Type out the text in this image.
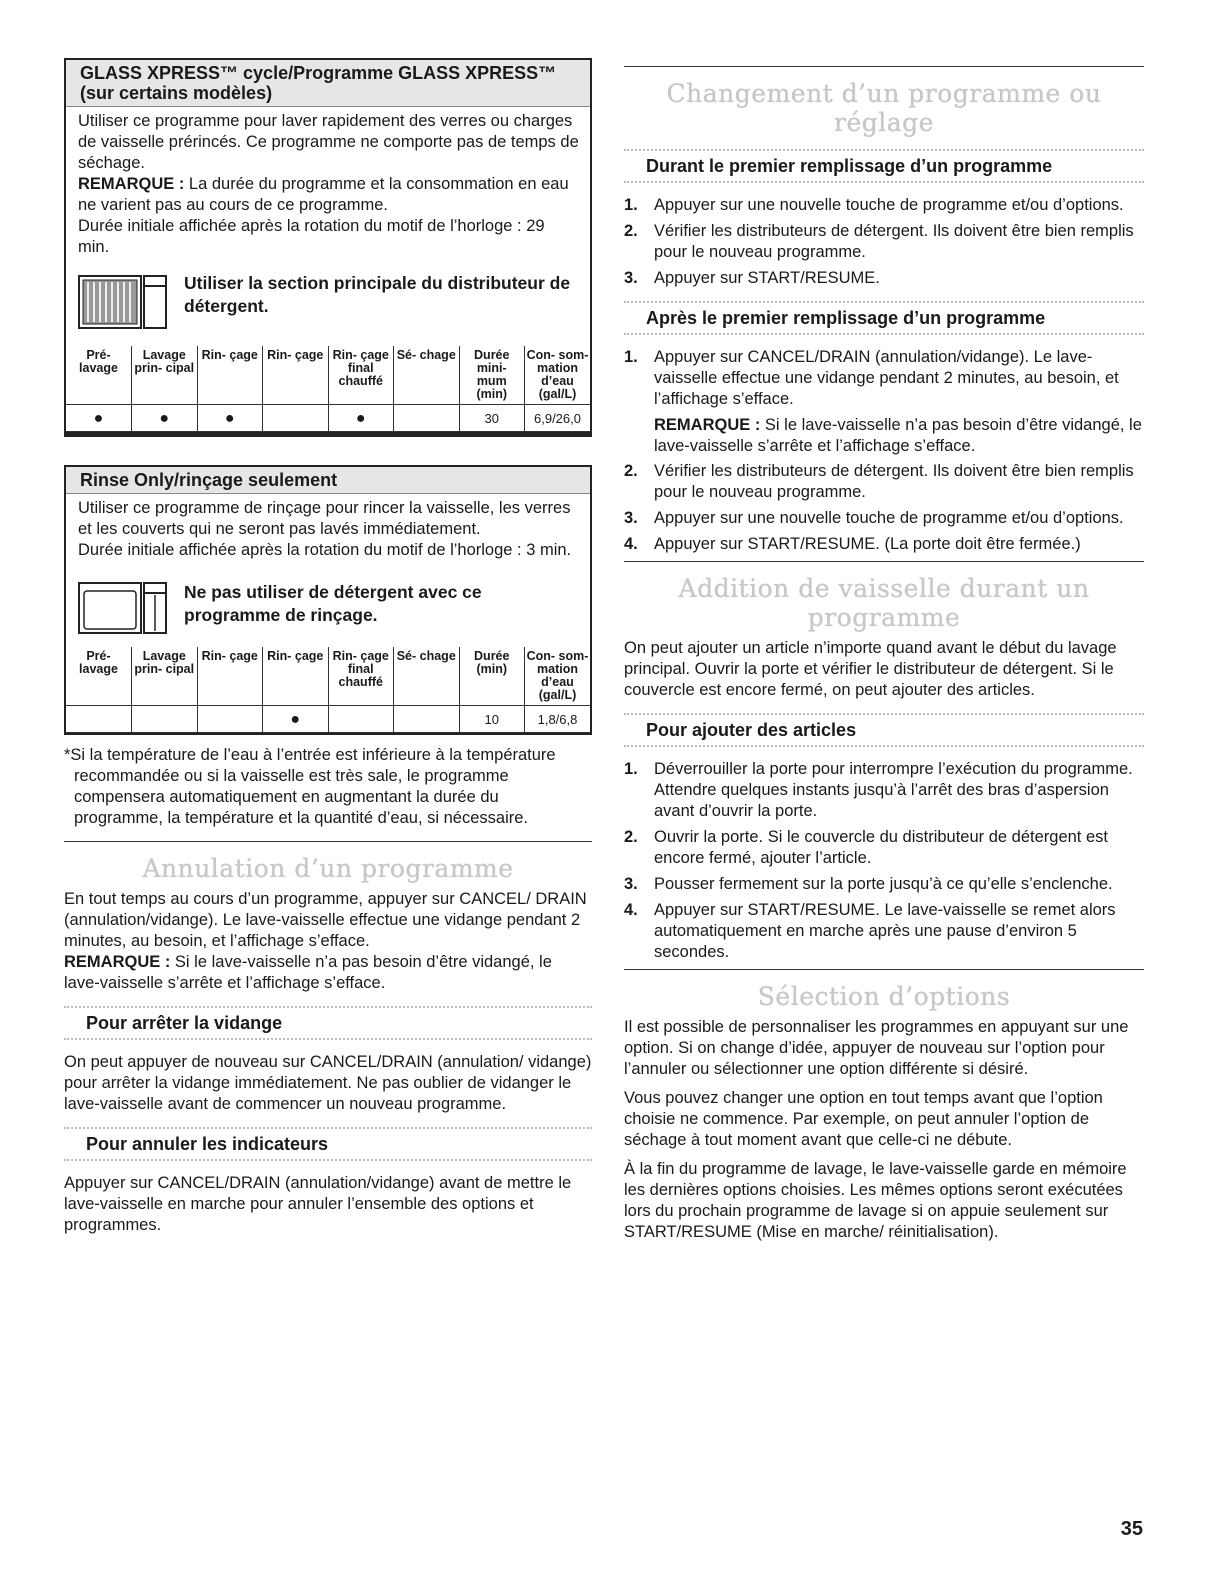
GLASS XPRESS™ cycle/Programme GLASS XPRESS™ (sur certains modèles)

Utiliser ce programme pour laver rapidement des verres ou charges de vaisselle prérincés. Ce programme ne comporte pas de temps de séchage.

REMARQUE : La durée du programme et la consommation en eau ne varient pas au cours de ce programme.

Durée initiale affichée après la rotation du motif de l’horloge : 29 min.

Utiliser la section principale du distributeur de détergent.
Pré- lavage	Lavage prin- cipal	Rin- çage	Rin- çage	Rin- çage final chauffé	Sé- chage	Durée mini- mum (min)	Con- som- mation d’eau (gal/L)
●	●	●		●		30	6,9/26,0
Rinse Only/rinçage seulement

Utiliser ce programme de rinçage pour rincer la vaisselle, les verres et les couverts qui ne seront pas lavés immédiatement.

Durée initiale affichée après la rotation du motif de l’horloge : 3 min.

Ne pas utiliser de détergent avec ce programme de rinçage.
Pré- lavage	Lavage prin- cipal	Rin- çage	Rin- çage	Rin- çage final chauffé	Sé- chage	Durée (min)	Con- som- mation d’eau (gal/L)
			●			10	1,8/6,8

*Si la température de l’eau à l’entrée est inférieure à la température recommandée ou si la vaisselle est très sale, le programme compensera automatiquement en augmentant la durée du programme, la température et la quantité d’eau, si nécessaire.

Annulation d’un programme

En tout temps au cours d’un programme, appuyer sur CANCEL/ DRAIN (annulation/vidange). Le lave-vaisselle effectue une vidange pendant 2 minutes, au besoin, et l’affichage s’efface.

REMARQUE : Si le lave-vaisselle n’a pas besoin d’être vidangé, le lave-vaisselle s’arrête et l’affichage s’efface.

Pour arrêter la vidange

On peut appuyer de nouveau sur CANCEL/DRAIN (annulation/ vidange) pour arrêter la vidange immédiatement. Ne pas oublier de vidanger le lave-vaisselle avant de commencer un nouveau programme.

Pour annuler les indicateurs

Appuyer sur CANCEL/DRAIN (annulation/vidange) avant de mettre le lave-vaisselle en marche pour annuler l’ensemble des options et programmes.

Changement d’un programme ou réglage
Durant le premier remplissage d’un programme
1. Appuyer sur une nouvelle touche de programme et/ou d’options.
2. Vérifier les distributeurs de détergent. Ils doivent être bien remplis pour le nouveau programme.
3. Appuyer sur START/RESUME.
Après le premier remplissage d’un programme
1. Appuyer sur CANCEL/DRAIN (annulation/vidange). Le lave-vaisselle effectue une vidange pendant 2 minutes, au besoin, et l’affichage s’efface.

REMARQUE : Si le lave-vaisselle n’a pas besoin d’être vidangé, le lave-vaisselle s’arrête et l’affichage s’efface.

2. Vérifier les distributeurs de détergent. Ils doivent être bien remplis pour le nouveau programme.
3. Appuyer sur une nouvelle touche de programme et/ou d’options.
4. Appuyer sur START/RESUME. (La porte doit être fermée.)
Addition de vaisselle durant un programme

On peut ajouter un article n’importe quand avant le début du lavage principal. Ouvrir la porte et vérifier le distributeur de détergent. Si le couvercle est encore fermé, on peut ajouter des articles.

Pour ajouter des articles
1. Déverrouiller la porte pour interrompre l’exécution du programme. Attendre quelques instants jusqu’à l’arrêt des bras d’aspersion avant d’ouvrir la porte.
2. Ouvrir la porte. Si le couvercle du distributeur de détergent est encore fermé, ajouter l’article.
3. Pousser fermement sur la porte jusqu’à ce qu’elle s’enclenche.
4. Appuyer sur START/RESUME. Le lave-vaisselle se remet alors automatiquement en marche après une pause d’environ 5 secondes.
Sélection d’options

Il est possible de personnaliser les programmes en appuyant sur une option. Si on change d’idée, appuyer de nouveau sur l’option pour l’annuler ou sélectionner une option différente si désiré.

Vous pouvez changer une option en tout temps avant que l’option choisie ne commence. Par exemple, on peut annuler l’option de séchage à tout moment avant que celle-ci ne débute.

À la fin du programme de lavage, le lave-vaisselle garde en mémoire les dernières options choisies. Les mêmes options seront exécutées lors du prochain programme de lavage si on appuie seulement sur START/RESUME (Mise en marche/ réinitialisation).

35
